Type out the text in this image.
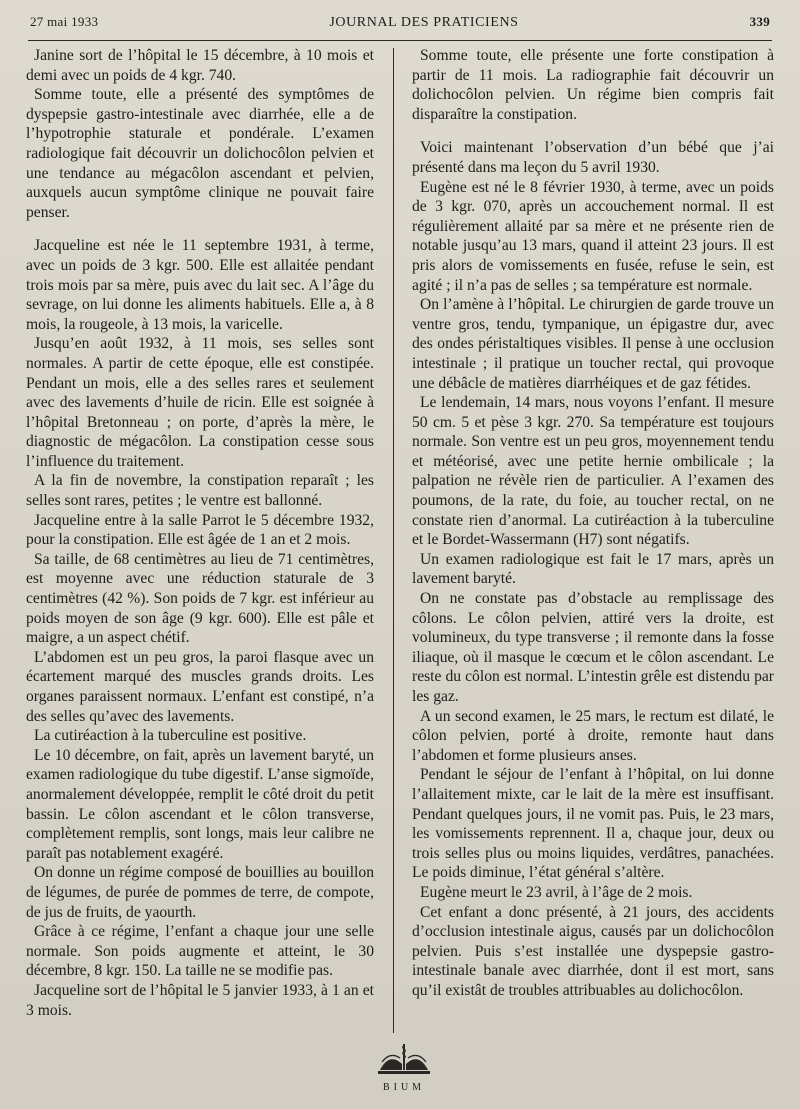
27 mai 1933	JOURNAL DES PRATICIENS	339

Janine sort de l’hôpital le 15 décembre, à 10 mois et demi avec un poids de 4 kgr. 740.

Somme toute, elle a présenté des symptômes de dyspepsie gastro-intestinale avec diarrhée, elle a de l’hypotrophie staturale et pondérale. L’examen radiologique fait découvrir un dolichocôlon pelvien et une tendance au mégacôlon ascendant et pelvien, auxquels aucun symptôme clinique ne pouvait faire penser.

Jacqueline est née le 11 septembre 1931, à terme, avec un poids de 3 kgr. 500. Elle est allaitée pendant trois mois par sa mère, puis avec du lait sec. A l’âge du sevrage, on lui donne les aliments habituels. Elle a, à 8 mois, la rougeole, à 13 mois, la varicelle.

Jusqu’en août 1932, à 11 mois, ses selles sont normales. A partir de cette époque, elle est constipée. Pendant un mois, elle a des selles rares et seulement avec des lavements d’huile de ricin. Elle est soignée à l’hôpital Bretonneau ; on porte, d’après la mère, le diagnostic de mégacôlon. La constipation cesse sous l’influence du traitement.

A la fin de novembre, la constipation reparaît ; les selles sont rares, petites ; le ventre est ballonné.

Jacqueline entre à la salle Parrot le 5 décembre 1932, pour la constipation. Elle est âgée de 1 an et 2 mois.

Sa taille, de 68 centimètres au lieu de 71 centimètres, est moyenne avec une réduction staturale de 3 centimètres (42 %). Son poids de 7 kgr. est inférieur au poids moyen de son âge (9 kgr. 600). Elle est pâle et maigre, a un aspect chétif.

L’abdomen est un peu gros, la paroi flasque avec un écartement marqué des muscles grands droits. Les organes paraissent normaux. L’enfant est constipé, n’a des selles qu’avec des lavements.

La cutiréaction à la tuberculine est positive.

Le 10 décembre, on fait, après un lavement baryté, un examen radiologique du tube digestif. L’anse sigmoïde, anormalement développée, remplit le côté droit du petit bassin. Le côlon ascendant et le côlon transverse, complètement remplis, sont longs, mais leur calibre ne paraît pas notablement exagéré.

On donne un régime composé de bouillies au bouillon de légumes, de purée de pommes de terre, de compote, de jus de fruits, de yaourth.

Grâce à ce régime, l’enfant a chaque jour une selle normale. Son poids augmente et atteint, le 30 décembre, 8 kgr. 150. La taille ne se modifie pas.

Jacqueline sort de l’hôpital le 5 janvier 1933, à 1 an et 3 mois.

Somme toute, elle présente une forte constipation à partir de 11 mois. La radiographie fait découvrir un dolichocôlon pelvien. Un régime bien compris fait disparaître la constipation.

Voici maintenant l’observation d’un bébé que j’ai présenté dans ma leçon du 5 avril 1930.

Eugène est né le 8 février 1930, à terme, avec un poids de 3 kgr. 070, après un accouchement normal. Il est régulièrement allaité par sa mère et ne présente rien de notable jusqu’au 13 mars, quand il atteint 23 jours. Il est pris alors de vomissements en fusée, refuse le sein, est agité ; il n’a pas de selles ; sa température est normale.

On l’amène à l’hôpital. Le chirurgien de garde trouve un ventre gros, tendu, tympanique, un épigastre dur, avec des ondes péristaltiques visibles. Il pense à une occlusion intestinale ; il pratique un toucher rectal, qui provoque une débâcle de matières diarrhéiques et de gaz fétides.

Le lendemain, 14 mars, nous voyons l’enfant. Il mesure 50 cm. 5 et pèse 3 kgr. 270. Sa température est toujours normale. Son ventre est un peu gros, moyennement tendu et météorisé, avec une petite hernie ombilicale ; la palpation ne révèle rien de particulier. A l’examen des poumons, de la rate, du foie, au toucher rectal, on ne constate rien d’anormal. La cutiréaction à la tuberculine et le Bordet-Wassermann (H7) sont négatifs.

Un examen radiologique est fait le 17 mars, après un lavement baryté.

On ne constate pas d’obstacle au remplissage des côlons. Le côlon pelvien, attiré vers la droite, est volumineux, du type transverse ; il remonte dans la fosse iliaque, où il masque le cœcum et le côlon ascendant. Le reste du côlon est normal. L’intestin grêle est distendu par les gaz.

A un second examen, le 25 mars, le rectum est dilaté, le côlon pelvien, porté à droite, remonte haut dans l’abdomen et forme plusieurs anses.

Pendant le séjour de l’enfant à l’hôpital, on lui donne l’allaitement mixte, car le lait de la mère est insuffisant. Pendant quelques jours, il ne vomit pas. Puis, le 23 mars, les vomissements reprennent. Il a, chaque jour, deux ou trois selles plus ou moins liquides, verdâtres, panachées. Le poids diminue, l’état général s’altère.

Eugène meurt le 23 avril, à l’âge de 2 mois.

Cet enfant a donc présenté, à 21 jours, des accidents d’occlusion intestinale aigus, causés par un dolichocôlon pelvien. Puis s’est installée une dyspepsie gastro-intestinale banale avec diarrhée, dont il est mort, sans qu’il existât de troubles attribuables au dolichocôlon.

BIUM
